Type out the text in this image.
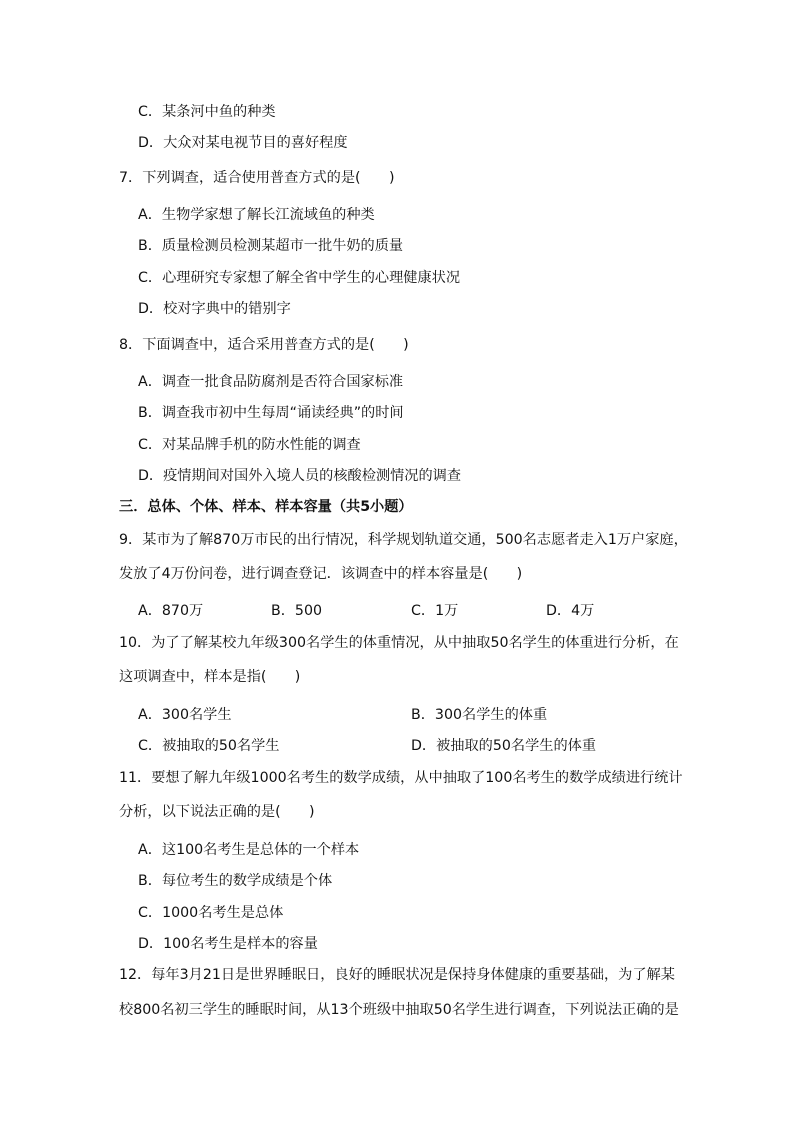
C．某条河中鱼的种类
D．大众对某电视节目的喜好程度
7．下列调查，适合使用普查方式的是(　　)
A．生物学家想了解长江流域鱼的种类
B．质量检测员检测某超市一批牛奶的质量
C．心理研究专家想了解全省中学生的心理健康状况
D．校对字典中的错别字
8．下面调查中，适合采用普查方式的是(　　)
A．调查一批食品防腐剂是否符合国家标准
B．调查我市初中生每周“诵读经典”的时间
C．对某品牌手机的防水性能的调查
D．疫情期间对国外入境人员的核酸检测情况的调查
三．总体、个体、样本、样本容量（共5小题）
9．某市为了解870万市民的出行情况，科学规划轨道交通，500名志愿者走入1万户家庭，
发放了4万份问卷，进行调查登记．该调查中的样本容量是(　　)
A．870万	B．500	C．1万	D．4万
10．为了了解某校九年级300名学生的体重情况，从中抽取50名学生的体重进行分析，在
这项调查中，样本是指(　　)
A．300名学生	B．300名学生的体重
C．被抽取的50名学生	D．被抽取的50名学生的体重
11．要想了解九年级1000名考生的数学成绩，从中抽取了100名考生的数学成绩进行统计
分析，以下说法正确的是(　　)
A．这100名考生是总体的一个样本
B．每位考生的数学成绩是个体
C．1000名考生是总体
D．100名考生是样本的容量
12．每年3月21日是世界睡眠日，良好的睡眠状况是保持身体健康的重要基础，为了解某
校800名初三学生的睡眠时间，从13个班级中抽取50名学生进行调查，下列说法正确的是
